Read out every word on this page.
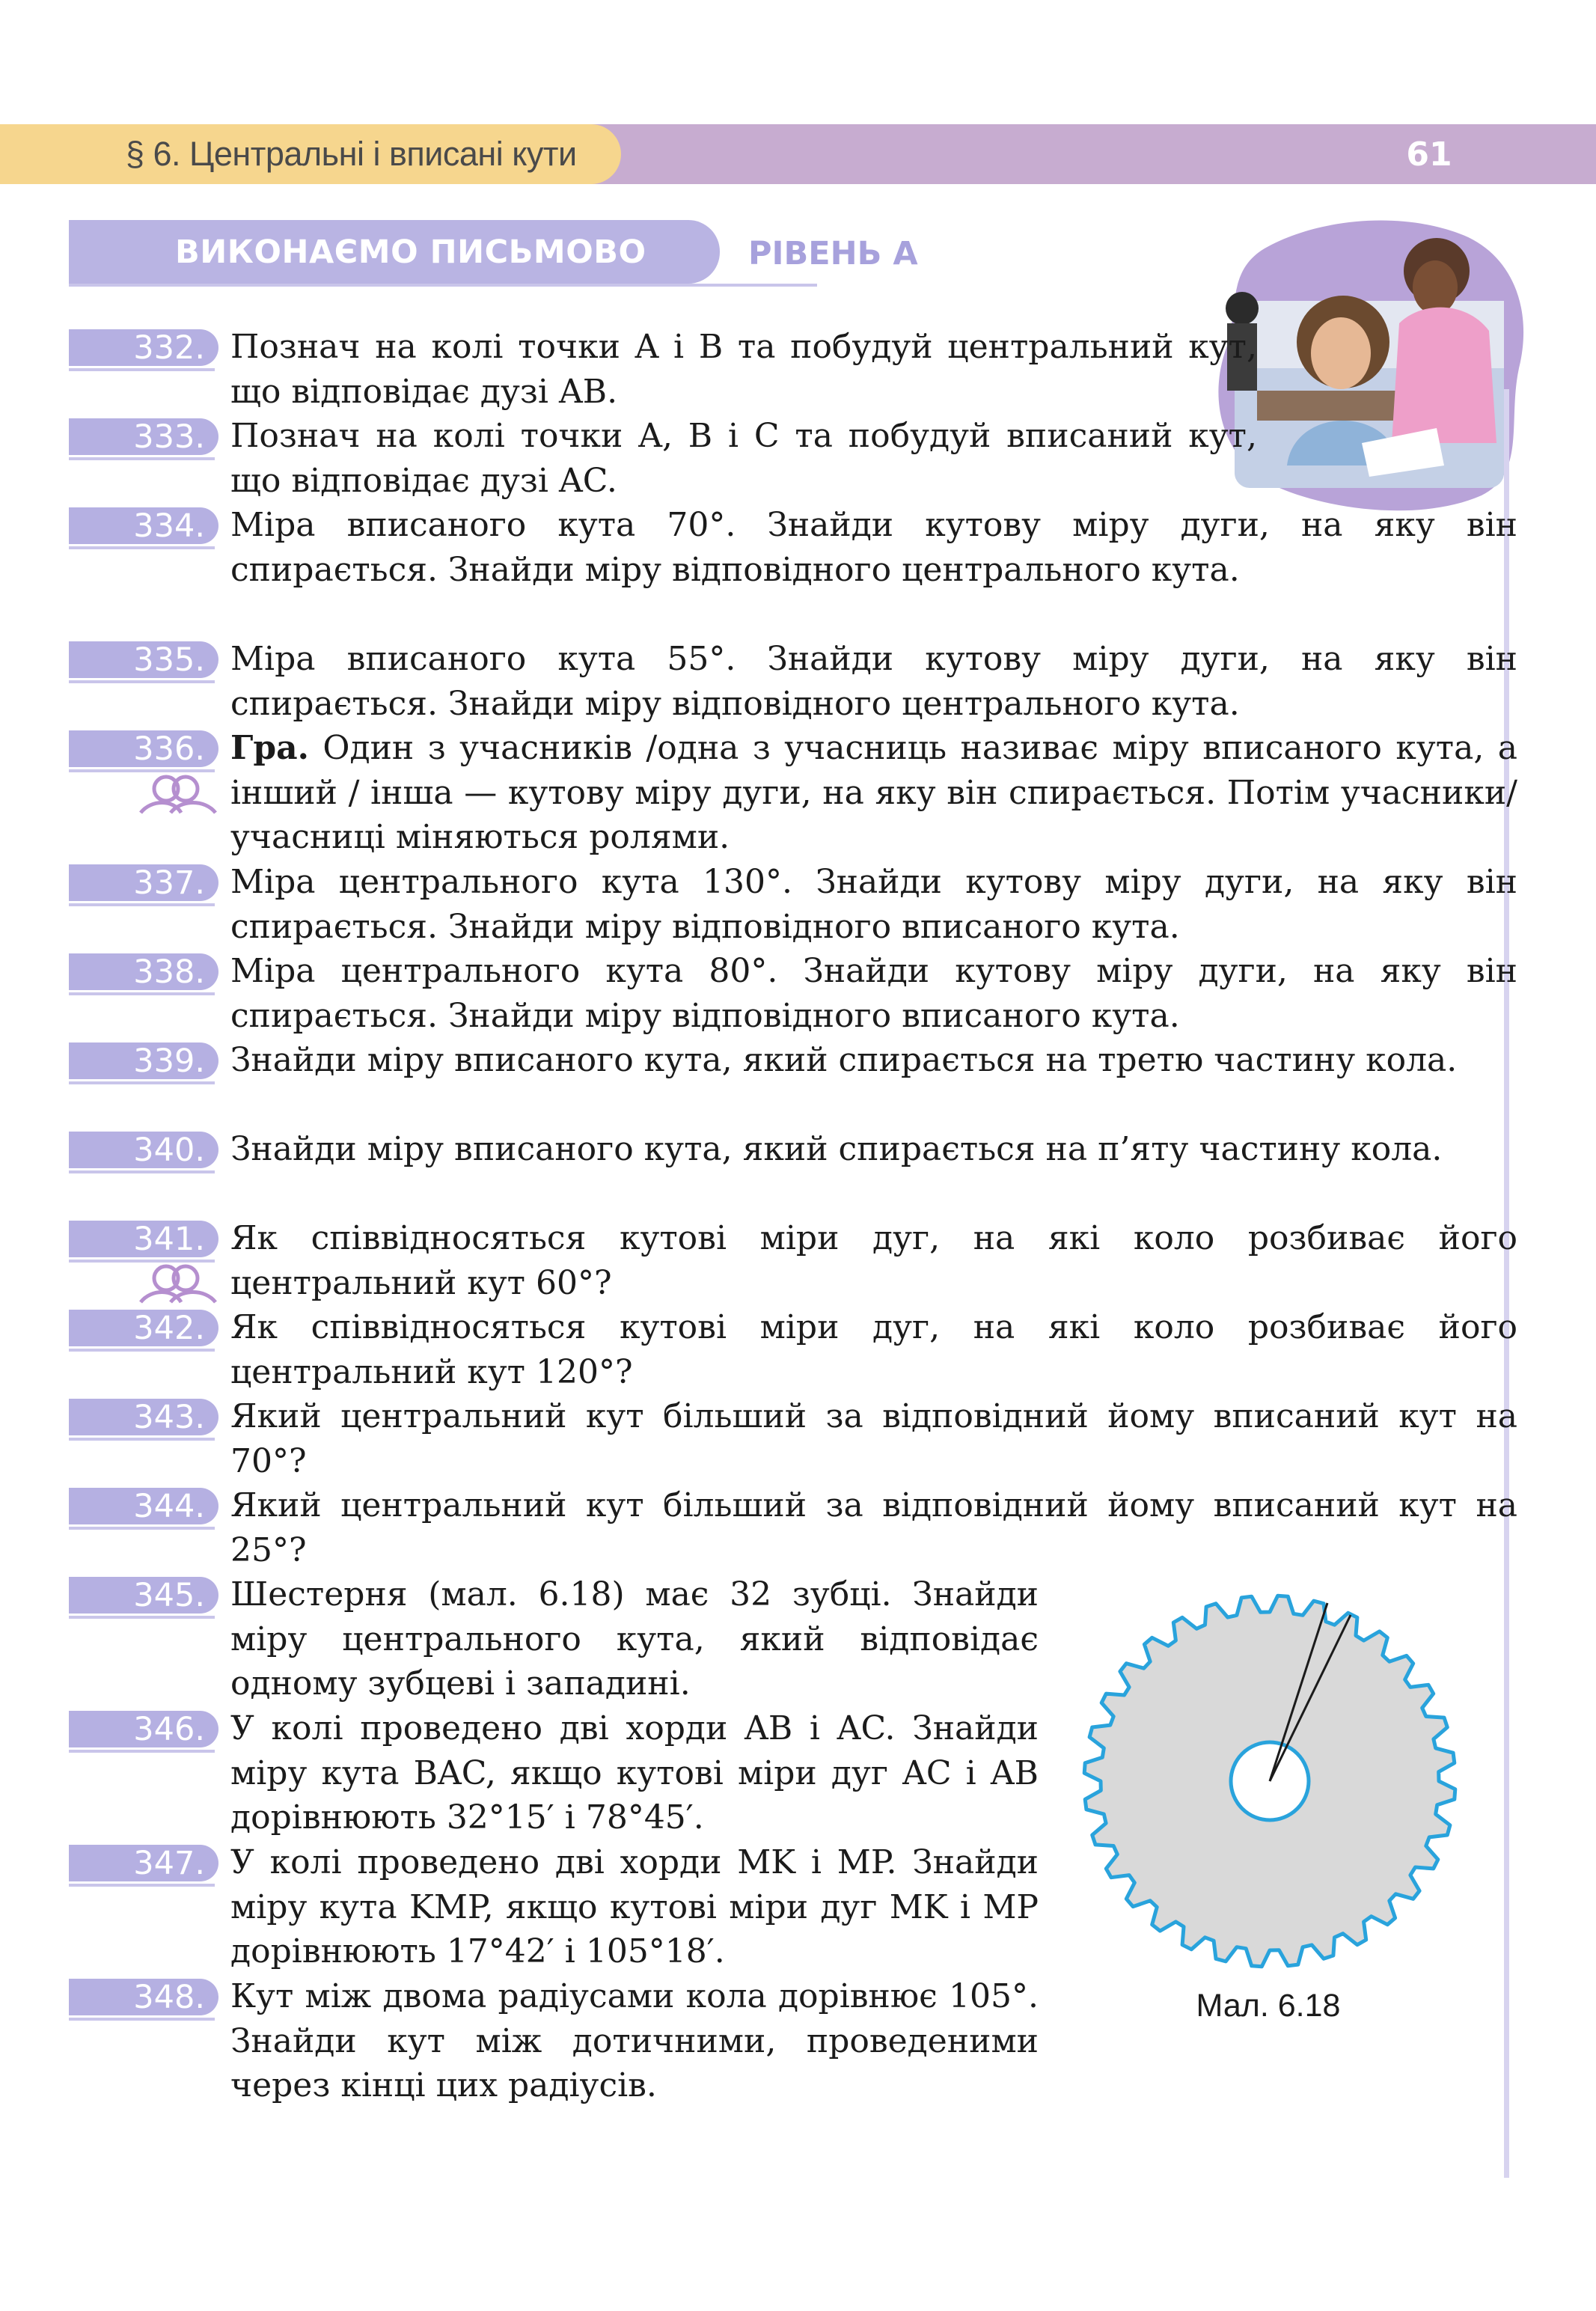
§ 6. Центральні і вписані кути	61
ВИКОНАЄМО ПИСЬМОВО	РІВЕНЬ А
332. Познач на колі точки A і B та побудуй центральний кут, що відповідає дузі AB.

333. Познач на колі точки A, B і C та побудуй вписаний кут, що відповідає дузі AC.

334. Міра вписаного кута 70°. Знайди кутову міру дуги, на яку він спирається. Знайди міру відповідного центрального кута.

335. Міра вписаного кута 55°. Знайди кутову міру дуги, на яку він спирається. Знайди міру відповідного центрального кута.

336. Гра. Один з учасників /одна з учасниць називає міру вписаного кута, а інший / інша — кутову міру дуги, на яку він спирається. Потім учасники/учасниці міняються ролями.

337. Міра центрального кута 130°. Знайди кутову міру дуги, на яку він спирається. Знайди міру відповідного вписаного кута.

338. Міра центрального кута 80°. Знайди кутову міру дуги, на яку він спирається. Знайди міру відповідного вписаного кута.

339. Знайди міру вписаного кута, який спирається на третю частину кола.

340. Знайди міру вписаного кута, який спирається на п’яту частину кола.

341. Як співвідносяться кутові міри дуг, на які коло розбиває його центральний кут 60°?

342. Як співвідносяться кутові міри дуг, на які коло розбиває його центральний кут 120°?

343. Який центральний кут більший за відповідний йому вписаний кут на 70°?

344. Який центральний кут більший за відповідний йому вписаний кут на 25°?

345. Шестерня (мал. 6.18) має 32 зубці. Знайди міру центрального кута, який відповідає одному зубцеві і западині.

346. У колі проведено дві хорди AB і AC. Знайди міру кута BAC, якщо кутові міри дуг AC і AB дорівнюють 32°15′ і 78°45′.

347. У колі проведено дві хорди MK і MP. Знайди міру кута KMP, якщо кутові міри дуг MK і MP дорівнюють 17°42′ і 105°18′.

348. Кут між двома радіусами кола дорівнює 105°. Знайди кут між дотичними, проведеними через кінці цих радіусів.

Мал. 6.18
